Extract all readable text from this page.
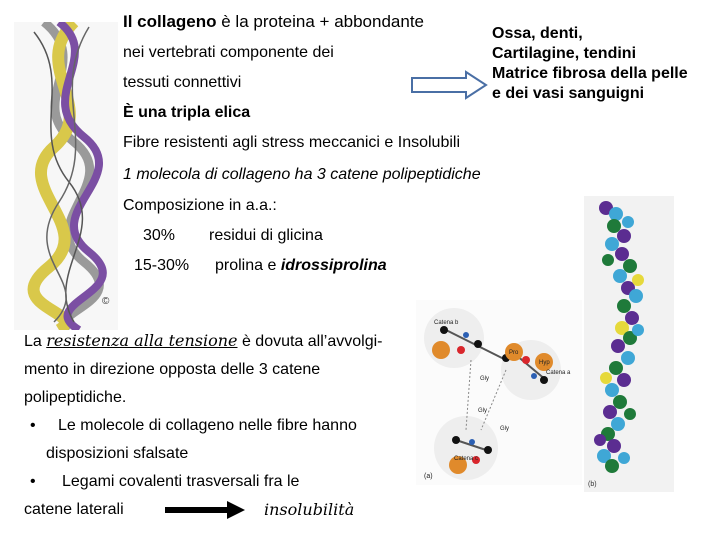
©
Il collageno è la proteina + abbondante
nei vertebrati componente dei
tessuti connettivi
È una tripla elica
Ossa, denti,
Cartilagine, tendini
Matrice fibrosa della pelle
e dei vasi sanguigni
Fibre resistenti agli stress meccanici e Insolubili
1 molecola di collageno ha 3 catene polipeptidiche
Composizione in a.a.:
30% residui di glicina
15-30% prolina e idrossiprolina
La resistenza alla tensione è dovuta all’avvolgi-
mento in direzione opposta delle 3 catene
polipeptidiche.
• Le molecole di collageno nelle fibre hanno
disposizioni sfalsate
• Legami covalenti trasversali fra le
catene laterali	insolubilità
Catena b
Catena a
Catena c
Gly
Gly
Gly
Pro
Hyp
(a)
(b)
